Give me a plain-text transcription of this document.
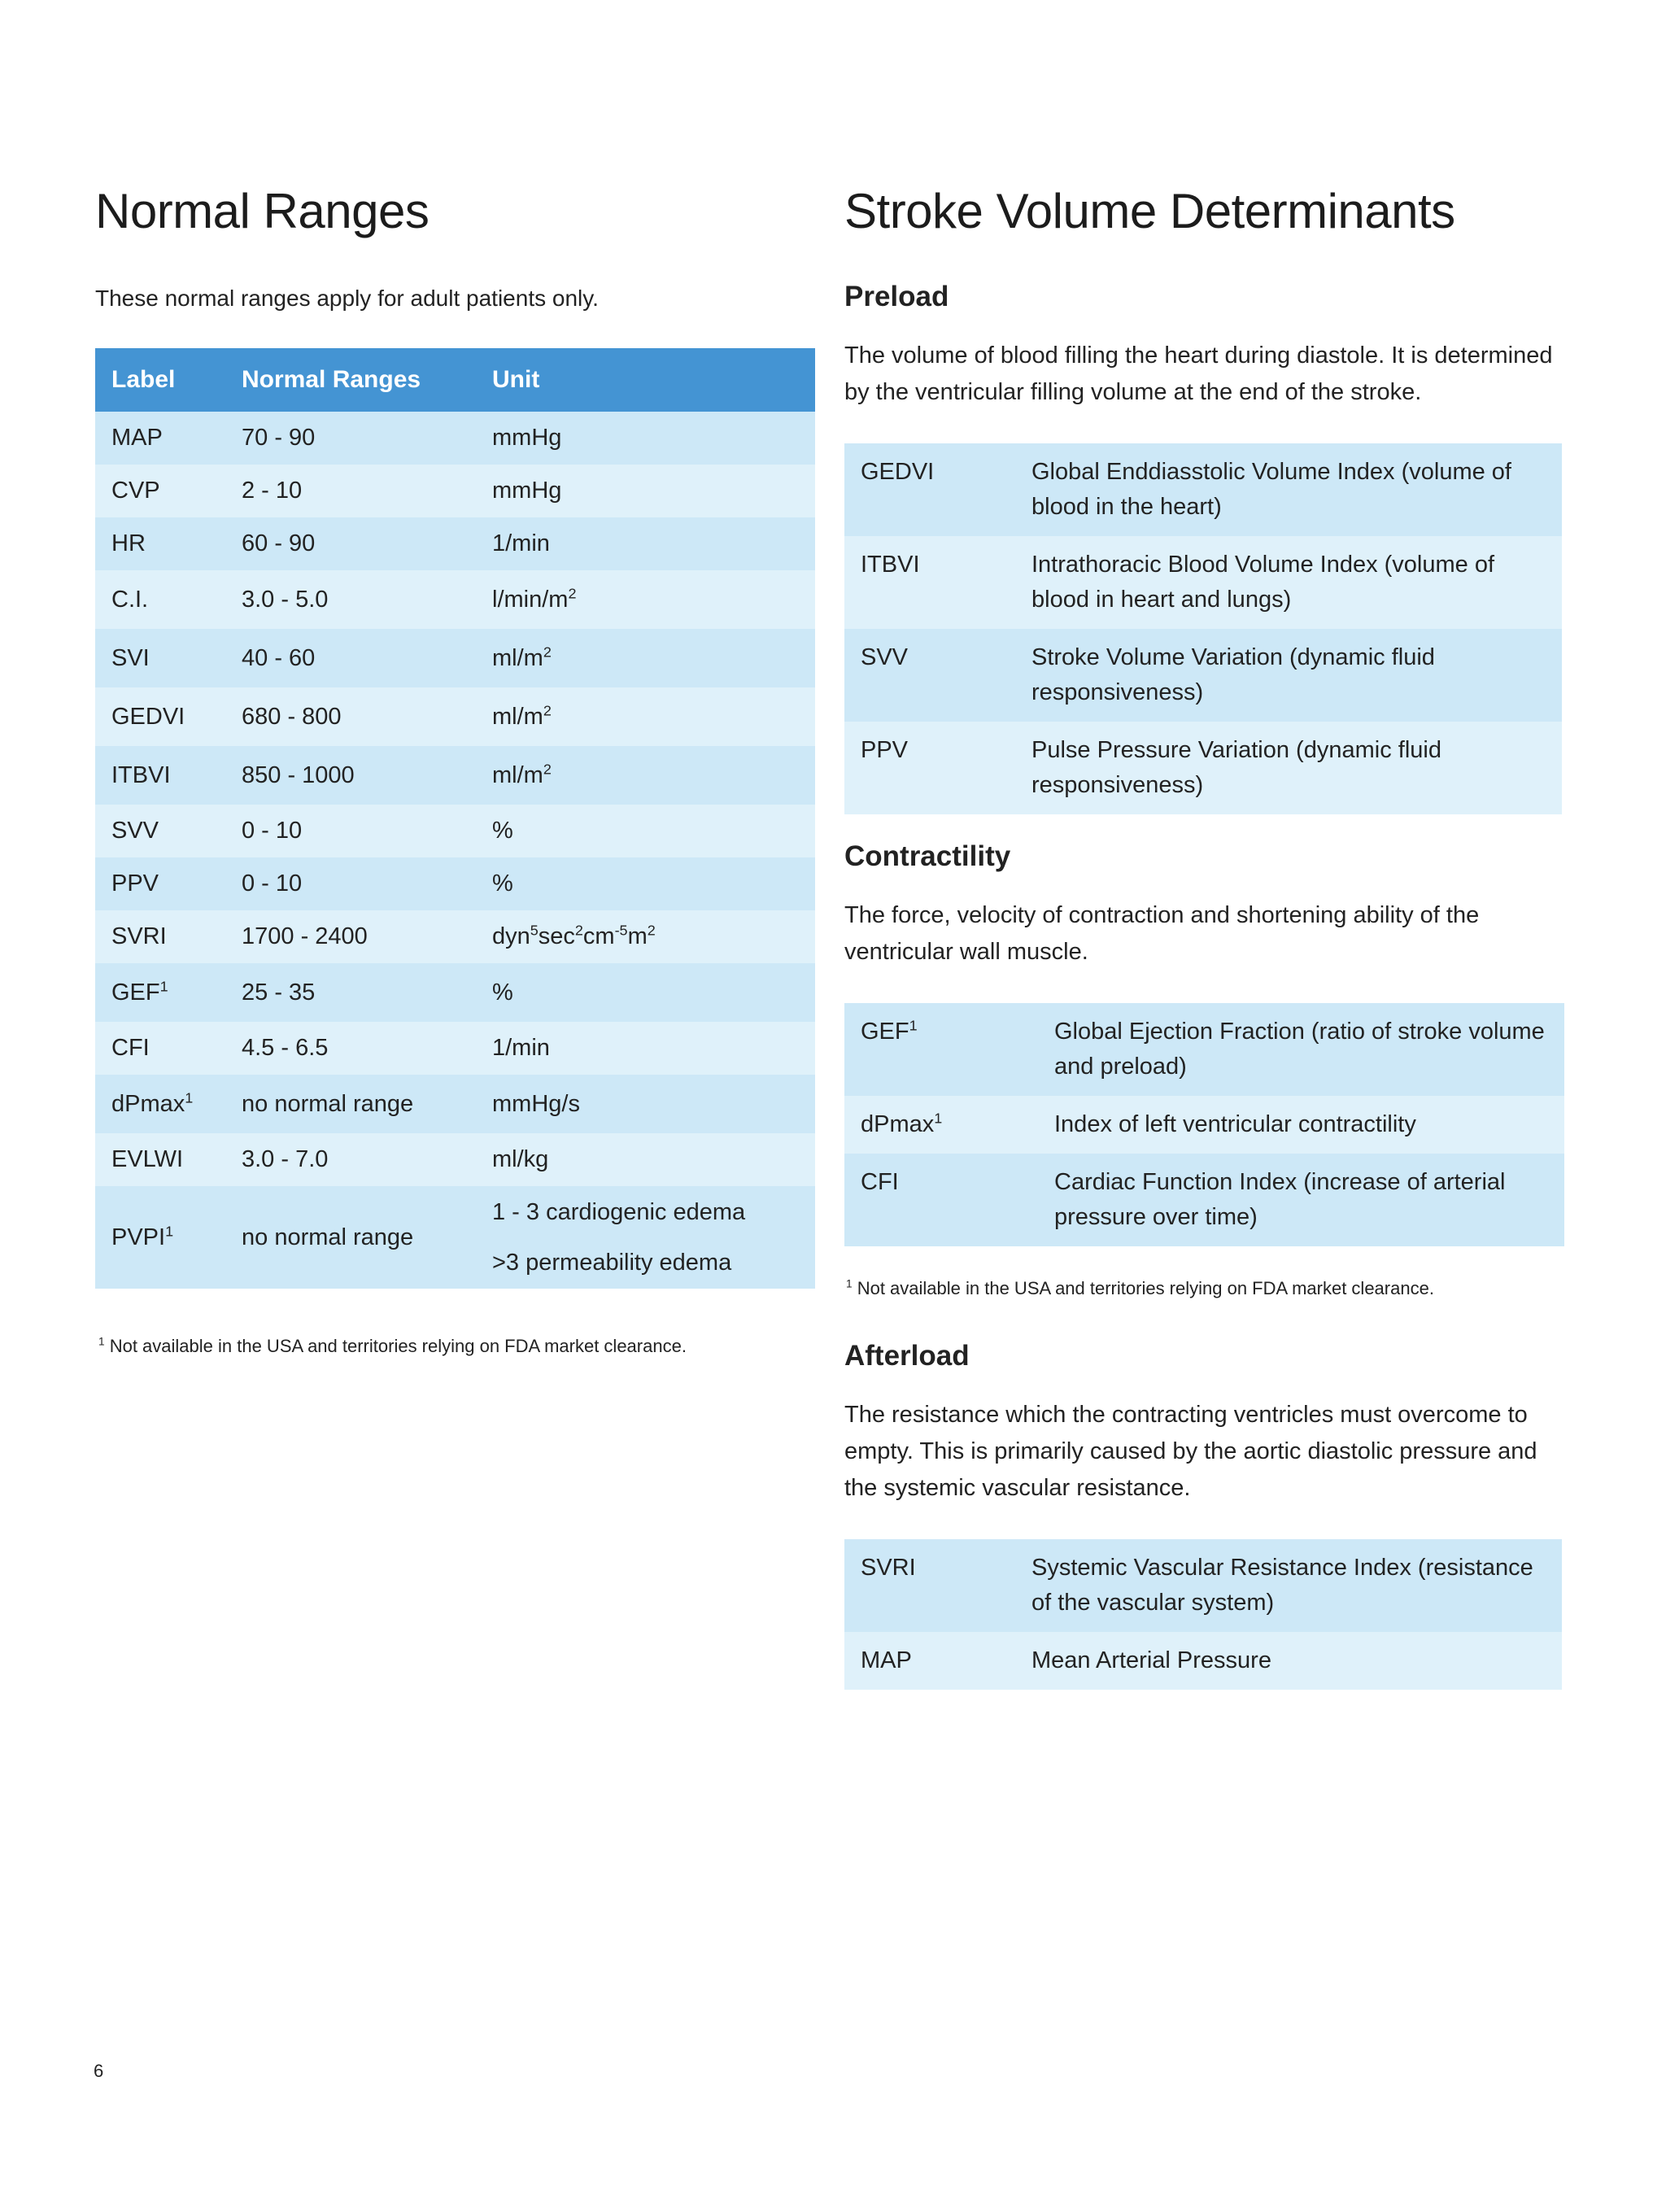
Normal Ranges

These normal ranges apply for adult patients only.

Label	Normal Ranges	Unit
MAP	70 - 90	mmHg
CVP	2 - 10	mmHg
HR	60 - 90	1/min
C.I.	3.0 - 5.0	$l/\min/m^2$
SVI	40 - 60	$ml/m^2$
GEDVI	680 - 800	$ml/m^2$
ITBVI	850 - 1000	$ml/m^2$
SVV	0 - 10	%
PPV	0 - 10	%
SVRI	1700 - 2400	$dyn^5\sec^2cm^{-5}m^2$
GEF$^1$	25 - 35	%
CFI	4.5 - 6.5	1/min
dPmax$^1$	no normal range	mmHg/s
EVLWI	3.0 - 7.0	ml/kg
PVPI$^1$	no normal range	1 - 3 cardiogenic edema
>3 permeability edema

$^1$ Not available in the USA and territories relying on FDA market clearance.

Stroke Volume Determinants
Preload

The volume of blood filling the heart during diastole. It is determined by the ventricular filling volume at the end of the stroke.

GEDVI	Global Enddiasstolic Volume Index (volume of blood in the heart)
ITBVI	Intrathoracic Blood Volume Index (volume of blood in heart and lungs)
SVV	Stroke Volume Variation (dynamic fluid responsiveness)
PPV	Pulse Pressure Variation (dynamic fluid responsiveness)
Contractility

The force, velocity of contraction and shortening ability of the ventricular wall muscle.

GEF$^1$	Global Ejection Fraction (ratio of stroke volume and preload)
dPmax$^1$	Index of left ventricular contractility
CFI	Cardiac Function Index (increase of arterial pressure over time)

$^1$ Not available in the USA and territories relying on FDA market clearance.

Afterload

The resistance which the contracting ventricles must overcome to empty. This is primarily caused by the aortic diastolic pressure and the systemic vascular resistance.

SVRI	Systemic Vascular Resistance Index (resistance of the vascular system)
MAP	Mean Arterial Pressure
6
